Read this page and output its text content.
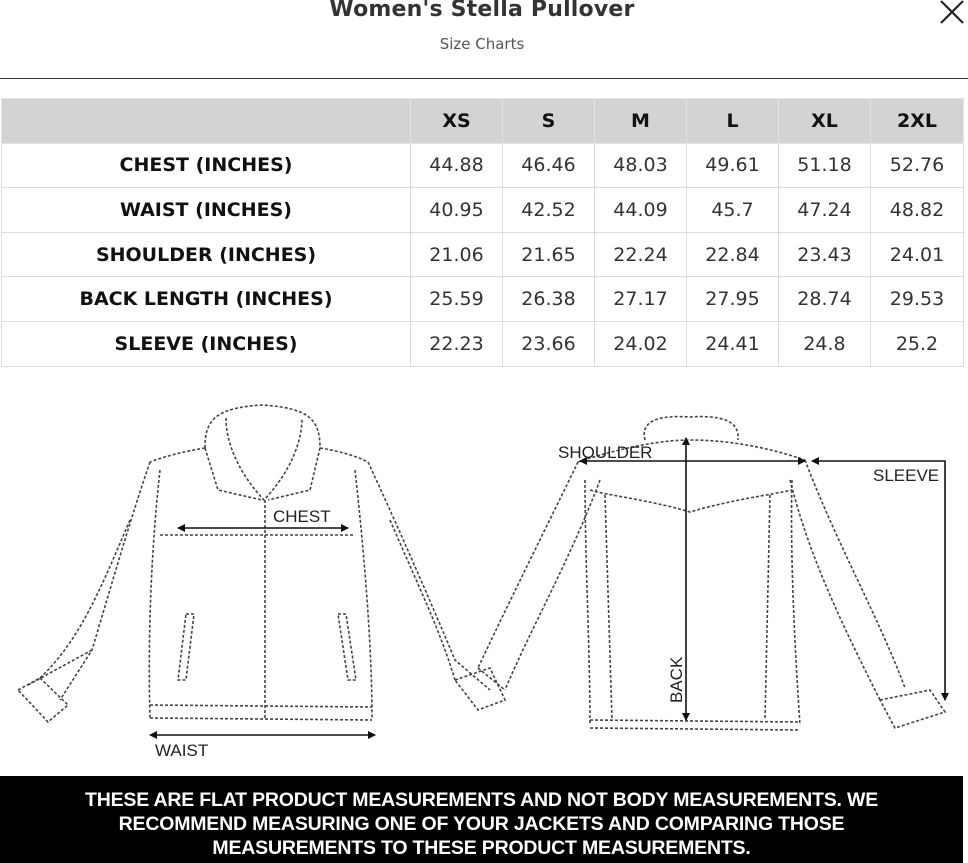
Women's Stella Pullover
Size Charts
	XS	S	M	L	XL	2XL
CHEST (INCHES)	44.88	46.46	48.03	49.61	51.18	52.76
WAIST (INCHES)	40.95	42.52	44.09	45.7	47.24	48.82
SHOULDER (INCHES)	21.06	21.65	22.24	22.84	23.43	24.01
BACK LENGTH (INCHES)	25.59	26.38	27.17	27.95	28.74	29.53
SLEEVE (INCHES)	22.23	23.66	24.02	24.41	24.8	25.2
CHEST
WAIST
SHOULDER
SLEEVE
BACK
THESE ARE FLAT PRODUCT MEASUREMENTS AND NOT BODY MEASUREMENTS. WE
RECOMMEND MEASURING ONE OF YOUR JACKETS AND COMPARING THOSE
MEASUREMENTS TO THESE PRODUCT MEASUREMENTS.
